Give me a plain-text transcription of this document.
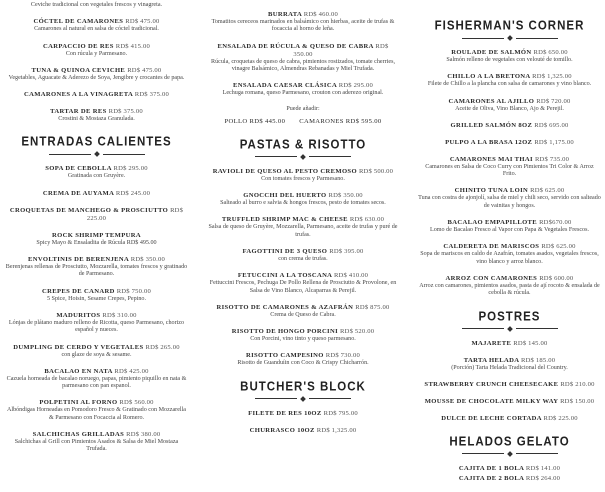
Ceviche tradicional con vegetales frescos y vinagreta.
CÓCTEL DE CAMARONES RD$ 475.00
Camarones al natural en salsa de cóctel tradicional.
CARPACCIO DE RES RD$ 415.00
Con rúcula y Parmesano.
TUNA & QUINOA CEVICHE RD$ 475.00
Vegetables, Aguacate & Aderezo de Soya, Jengibre y crocantes de papa.
CAMARONES A LA VINAGRETA RD$ 375.00
TARTAR DE RES RD$ 375.00
Crostini & Mostaza Granulada.
ENTRADAS CALIENTES
SOPA DE CEBOLLA RD$ 295.00
Gratinada con Gruyère.
CREMA DE AUYAMA RD$ 245.00
CROQUETAS DE MANCHEGO & PROSCIUTTO RD$ 225.00
ROCK SHRIMP TEMPURA
Spicy Mayo & Ensaladita de Rúcula RD$ 495.00
ENVOLTINIS DE BERENJENA RD$ 350.00
Berenjenas rellenas de Prosciutto, Mozzarella, tomates frescos y gratinado de Parmesano.
CREPES DE CANARD RD$ 750.00
5 Spice, Hoisin, Sesame Crepes, Pepino.
MADURITOS RD$ 310.00
Lónjas de plátano maduro relleno de Ricotta, queso Parmesano, chorizo español y nueces.
DUMPLING DE CERDO Y VEGETALES RD$ 265.00
con glaze de soya & sesame.
BACALAO EN NATA RD$ 425.00
Cazuela horneada de bacalao noruego, papas, pimiento piquillo en nata & parmesano con pan espanol.
POLPETINI AL FORNO RD$ 560.00
Albóndigas Horneadas en Pomodoro Fresco & Gratinado con Mozzarella & Parmesano con Focaccia al Romero.
SALCHICHAS GRILLADAS RD$ 380.00
Salchichas al Grill con Pimientos Asados & Salsa de Miel Mostaza Trufada.
BURRATA RD$ 460.00
Tomatitos cereceos marinados en balsámico con hierbas, aceite de trufas & focaccia al horno de leña.
ENSALADA DE RÚCULA & QUESO DE CABRA RD$ 350.00
Rúcula, croquetas de queso de cabra, pimientos rostizados, tomate cherries, vinagre Balsámico, Almendras Rebanadas y Miel Trufada.
ENSALADA CAESAR CLÁSICA RD$ 295.00
Lechuga romana, queso Parmesano, crouton con aderezo original.
Puede añadir:
POLLO RD$ 445.00 CAMARONES RD$ 595.00
PASTAS & RISOTTO
RAVIOLI DE QUESO AL PESTO CREMOSO RD$ 500.00
Con tomates frescos y Parmesano.
GNOCCHI DEL HUERTO RD$ 350.00
Salteado al burro e salvia & hongos frescos, pesto de tomates secos.
TRUFFLED SHRIMP MAC & CHEESE RD$ 630.00
Salsa de queso de Gruyère, Mozzarella, Parmesano, aceite de trufas y puré de trufas.
FAGOTTINI DE 3 QUESO RD$ 395.00
con crema de trufas.
FETUCCINI A LA TOSCANA RD$ 410.00
Fettuccini Frescos, Pechuga De Pollo Rellena de Prosciutto & Provolone, en Salsa de Vino Blanco, Alcaparras & Perejil.
RISOTTO DE CAMARONES & AZAFRÁN RD$ 875.00
Crema de Queso de Cabra.
RISOTTO DE HONGO PORCINI RD$ 520.00
Con Porcini, vino tinto y queso parmesano.
RISOTTO CAMPESINO RD$ 730.00
Risotto de Guanduíin con Coco & Crispy Chicharrón.
BUTCHER'S BLOCK
FILETE DE RES 10OZ RD$ 795.00
CHURRASCO 10OZ RD$ 1,325.00
FISHERMAN'S CORNER
ROULADE DE SALMÓN RD$ 650.00
Salmón relleno de vegetales con velouté de tomillo.
CHILLO A LA BRETONA RD$ 1,325.00
Filete de Chillo a la plancha con salsa de camarones y vino blanco.
CAMARONES AL AJILLO RD$ 720.00
Aceite de Oliva, Vino Blanco, Ajo & Perejil.
GRILLED SALMÓN 8OZ RD$ 695.00
PULPO A LA BRASA 12OZ RD$ 1,175.00
CAMARONES MAI THAI RD$ 735.00
Camarones en Salsa de Coco Curry con Pimientos Tri Color & Arroz Frito.
CHINITO TUNA LOIN RD$ 625.00
Tuna con costra de ajonjolí, salsa de miel y chili seco, servido con salteado de vainitas y hongos.
BACALAO EMPAPILLOTE RD$670.00
Lomo de Bacalao Fresco al Vapor con Papa & Vegetales Frescos.
CALDERETA DE MARISCOS RD$ 625.00
Sopa de mariscos en caldo de Azafrán, tomates asados, vegetales frescos, vino blanco y arroz blanco.
ARROZ CON CAMARONES RD$ 600.00
Arroz con camarones, pimientos asados, pasta de ají rocoto & ensalada de cebolla & rúcula.
POSTRES
MAJARETE RD$ 145.00
TARTA HELADA RD$ 185.00
(Porción) Tarta Helada Tradicional del Country.
STRAWBERRY CRUNCH CHEESECAKE RD$ 210.00
MOUSSE DE CHOCOLATE MILKY WAY RD$ 150.00
DULCE DE LECHE CORTADA RD$ 225.00
HELADOS GELATO
CAJITA DE 1 BOLA RD$ 141.00
CAJITA DE 2 BOLA RD$ 264.00
